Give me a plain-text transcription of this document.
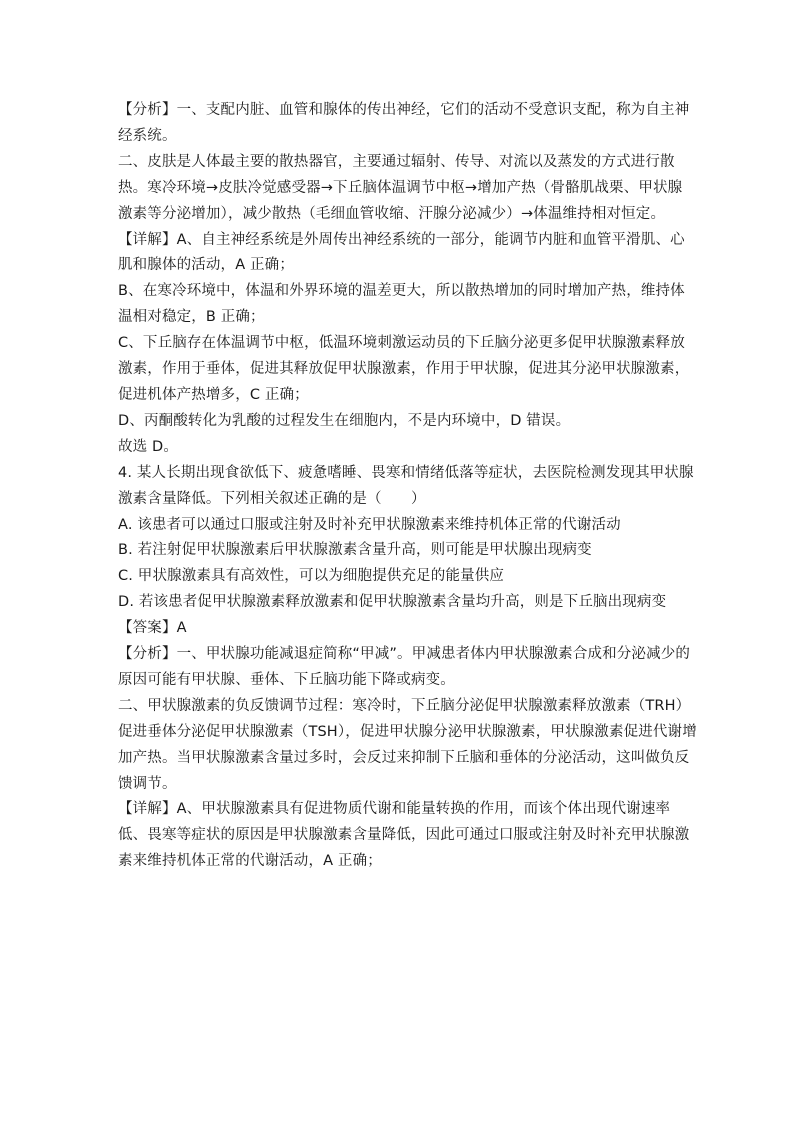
【分析】一、支配内脏、血管和腺体的传出神经，它们的活动不受意识支配，称为自主神
经系统。
二、皮肤是人体最主要的散热器官，主要通过辐射、传导、对流以及蒸发的方式进行散
热。寒冷环境→皮肤冷觉感受器→下丘脑体温调节中枢→增加产热（骨骼肌战栗、甲状腺
激素等分泌增加），减少散热（毛细血管收缩、汗腺分泌减少）→体温维持相对恒定。
【详解】A、自主神经系统是外周传出神经系统的一部分，能调节内脏和血管平滑肌、心
肌和腺体的活动，A 正确；
B、在寒冷环境中，体温和外界环境的温差更大，所以散热增加的同时增加产热，维持体
温相对稳定，B 正确；
C、下丘脑存在体温调节中枢，低温环境刺激运动员的下丘脑分泌更多促甲状腺激素释放
激素，作用于垂体，促进其释放促甲状腺激素，作用于甲状腺，促进其分泌甲状腺激素，
促进机体产热增多，C 正确；
D、丙酮酸转化为乳酸的过程发生在细胞内，不是内环境中，D 错误。
故选 D。
4. 某人长期出现食欲低下、疲惫嗜睡、畏寒和情绪低落等症状，去医院检测发现其甲状腺
激素含量降低。下列相关叙述正确的是（　　）
A. 该患者可以通过口服或注射及时补充甲状腺激素来维持机体正常的代谢活动
B. 若注射促甲状腺激素后甲状腺激素含量升高，则可能是甲状腺出现病变
C. 甲状腺激素具有高效性，可以为细胞提供充足的能量供应
D. 若该患者促甲状腺激素释放激素和促甲状腺激素含量均升高，则是下丘脑出现病变
【答案】A
【分析】一、甲状腺功能减退症简称“甲减”。甲减患者体内甲状腺激素合成和分泌减少的
原因可能有甲状腺、垂体、下丘脑功能下降或病变。
二、甲状腺激素的负反馈调节过程：寒冷时，下丘脑分泌促甲状腺激素释放激素（TRH）
促进垂体分泌促甲状腺激素（TSH），促进甲状腺分泌甲状腺激素，甲状腺激素促进代谢增
加产热。当甲状腺激素含量过多时，会反过来抑制下丘脑和垂体的分泌活动，这叫做负反
馈调节。
【详解】A、甲状腺激素具有促进物质代谢和能量转换的作用，而该个体出现代谢速率
低、畏寒等症状的原因是甲状腺激素含量降低，因此可通过口服或注射及时补充甲状腺激
素来维持机体正常的代谢活动，A 正确；
